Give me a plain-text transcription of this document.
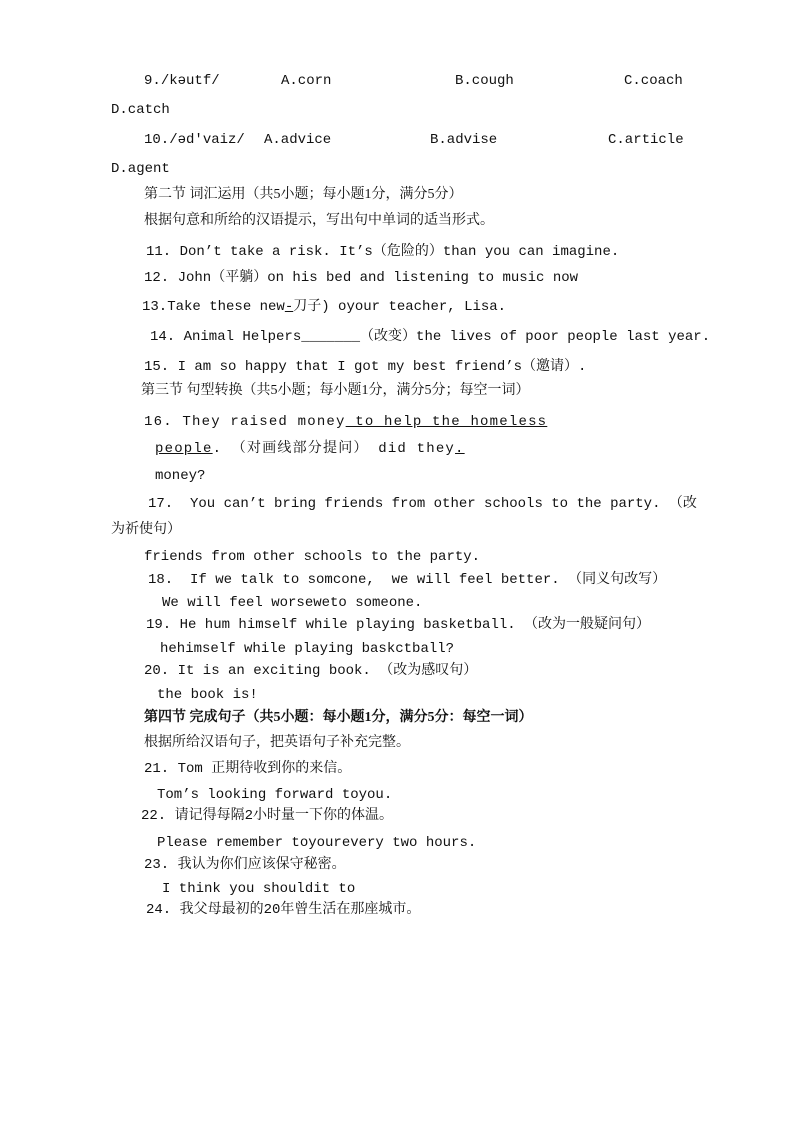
9./kəutf/	A.corn	B.cough	C.coach
D.catch
10./əd'vaiz/ A.advice	B.advise	C.article
D.agent
第二节 词汇运用（共5小题；每小题1分，满分5分）
根据句意和所给的汉语提示，写出句中单词的适当形式。
11. Don’t take a risk. It’s（危险的）than you can imagine.
12. John（平躺）on his bed and listening to music now
13.Take these new-刀子) oyour teacher, Lisa.
14. Animal Helpers_______（改变）the lives of poor people last year.
15. I am so happy that I got my best friend’s（邀请）.
第三节 句型转换（共5小题；每小题1分，满分5分；每空一词）
16. They raised money to help the homeless
people. （对画线部分提问） did they.
money?
17.  You can’t bring friends from other schools to the party. （改
为祈使句）
friends from other schools to the party.
18.  If we talk to somcone,  we will feel better. （同义句改写）
We will feel worseweto someone.
19. He hum himself while playing basketball. （改为一般疑问句）
hehimself while playing baskctball?
20. It is an exciting book. （改为感叹句）
the book is!
第四节 完成句子（共5小题：每小题1分，满分5分：每空一词）
根据所给汉语句子，把英语句子补充完整。
21. Tom 正期待收到你的来信。
Tom’s looking forward toyou.
22. 请记得每隔2小时量一下你的体温。
Please remember toyourevery two hours.
23. 我认为你们应该保守秘密。
I think you shouldit to
24. 我父母最初的20年曾生活在那座城市。
